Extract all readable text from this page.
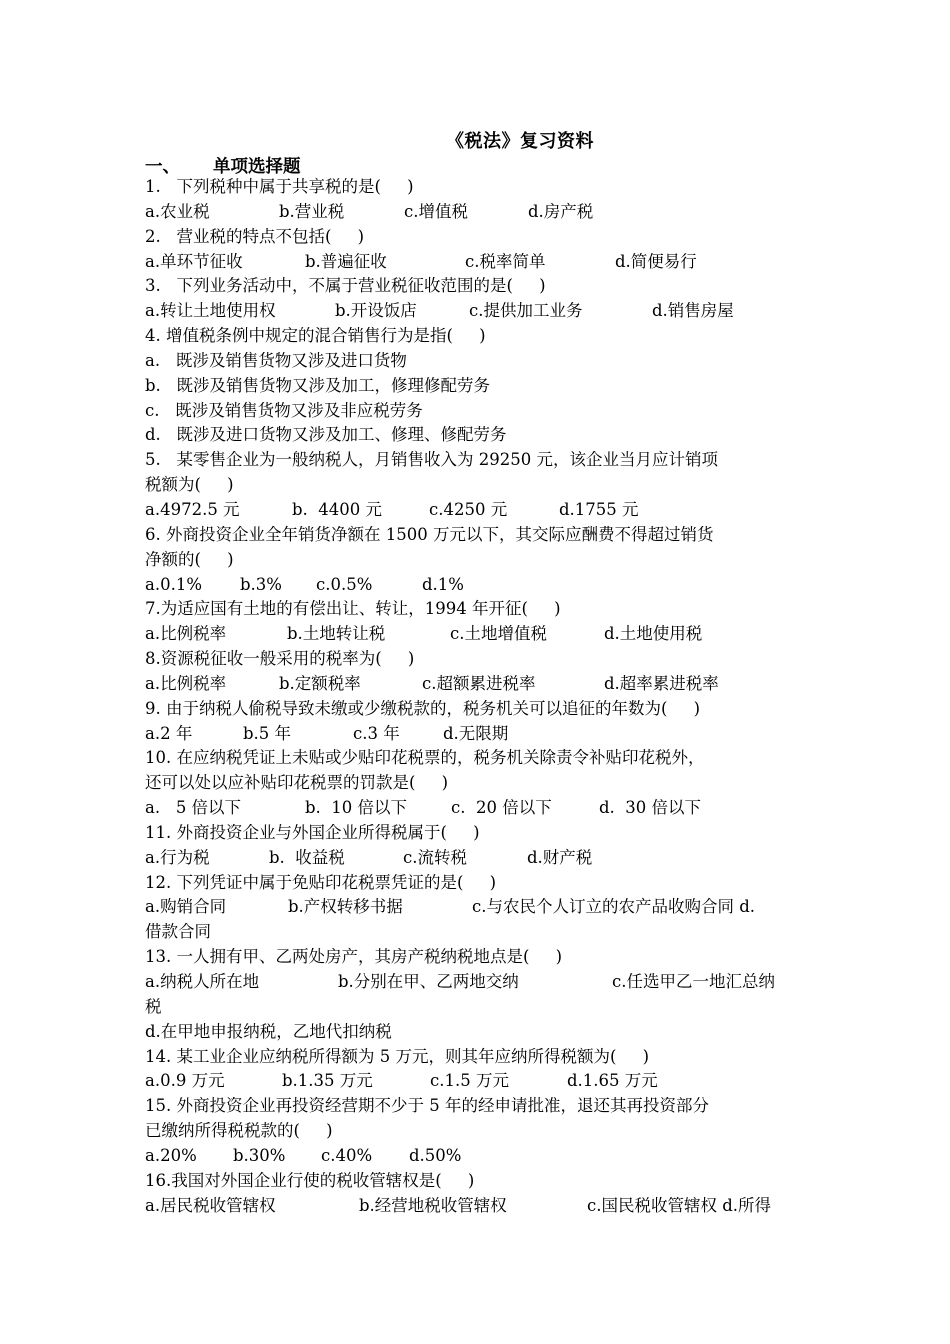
《税法》复习资料
一、 单项选择题
1.   下列税种中属于共享税的是(     )
a.农业税	b.营业税	c.增值税	d.房产税
2.   营业税的特点不包括(     )
a.单环节征收	b.普遍征收	c.税率简单	d.简便易行
3.   下列业务活动中，不属于营业税征收范围的是(     )
a.转让土地使用权	b.开设饭店	c.提供加工业务	d.销售房屋
4. 增值税条例中规定的混合销售行为是指(     )
a.   既涉及销售货物又涉及进口货物
b.   既涉及销售货物又涉及加工，修理修配劳务
c.   既涉及销售货物又涉及非应税劳务
d.   既涉及进口货物又涉及加工、修理、修配劳务
5.   某零售企业为一般纳税人，月销售收入为 29250 元，该企业当月应计销项
税额为(     )
a.4972.5 元	b.  4400 元	c.4250 元	d.1755 元
6. 外商投资企业全年销货净额在 1500 万元以下，其交际应酬费不得超过销货
净额的(     )
a.0.1%	b.3%	c.0.5%	d.1%
7.为适应国有土地的有偿出让、转让，1994 年开征(     )
a.比例税率	b.土地转让税	c.土地增值税	d.土地使用税
8.资源税征收一般采用的税率为(     )
a.比例税率	b.定额税率	c.超额累进税率	d.超率累进税率
9. 由于纳税人偷税导致未缴或少缴税款的，税务机关可以追征的年数为(     )
a.2 年	b.5 年	c.3 年	d.无限期
10. 在应纳税凭证上未贴或少贴印花税票的，税务机关除责令补贴印花税外，
还可以处以应补贴印花税票的罚款是(     )
a.   5 倍以下	b.  10 倍以下	c.  20 倍以下	d.  30 倍以下
11. 外商投资企业与外国企业所得税属于(     )
a.行为税	b.  收益税	c.流转税	d.财产税
12. 下列凭证中属于免贴印花税票凭证的是(     )
a.购销合同	b.产权转移书据	c.与农民个人订立的农产品收购合同 d.
借款合同
13. 一人拥有甲、乙两处房产，其房产税纳税地点是(     )
a.纳税人所在地	b.分别在甲、乙两地交纳	c.任选甲乙一地汇总纳
税
d.在甲地申报纳税，乙地代扣纳税
14. 某工业企业应纳税所得额为 5 万元，则其年应纳所得税额为(     )
a.0.9 万元	b.1.35 万元	c.1.5 万元	d.1.65 万元
15. 外商投资企业再投资经营期不少于 5 年的经申请批准，退还其再投资部分
已缴纳所得税税款的(     )
a.20%	b.30%	c.40%	d.50%
16.我国对外国企业行使的税收管辖权是(     )
a.居民税收管辖权	b.经营地税收管辖权	c.国民税收管辖权 d.所得
